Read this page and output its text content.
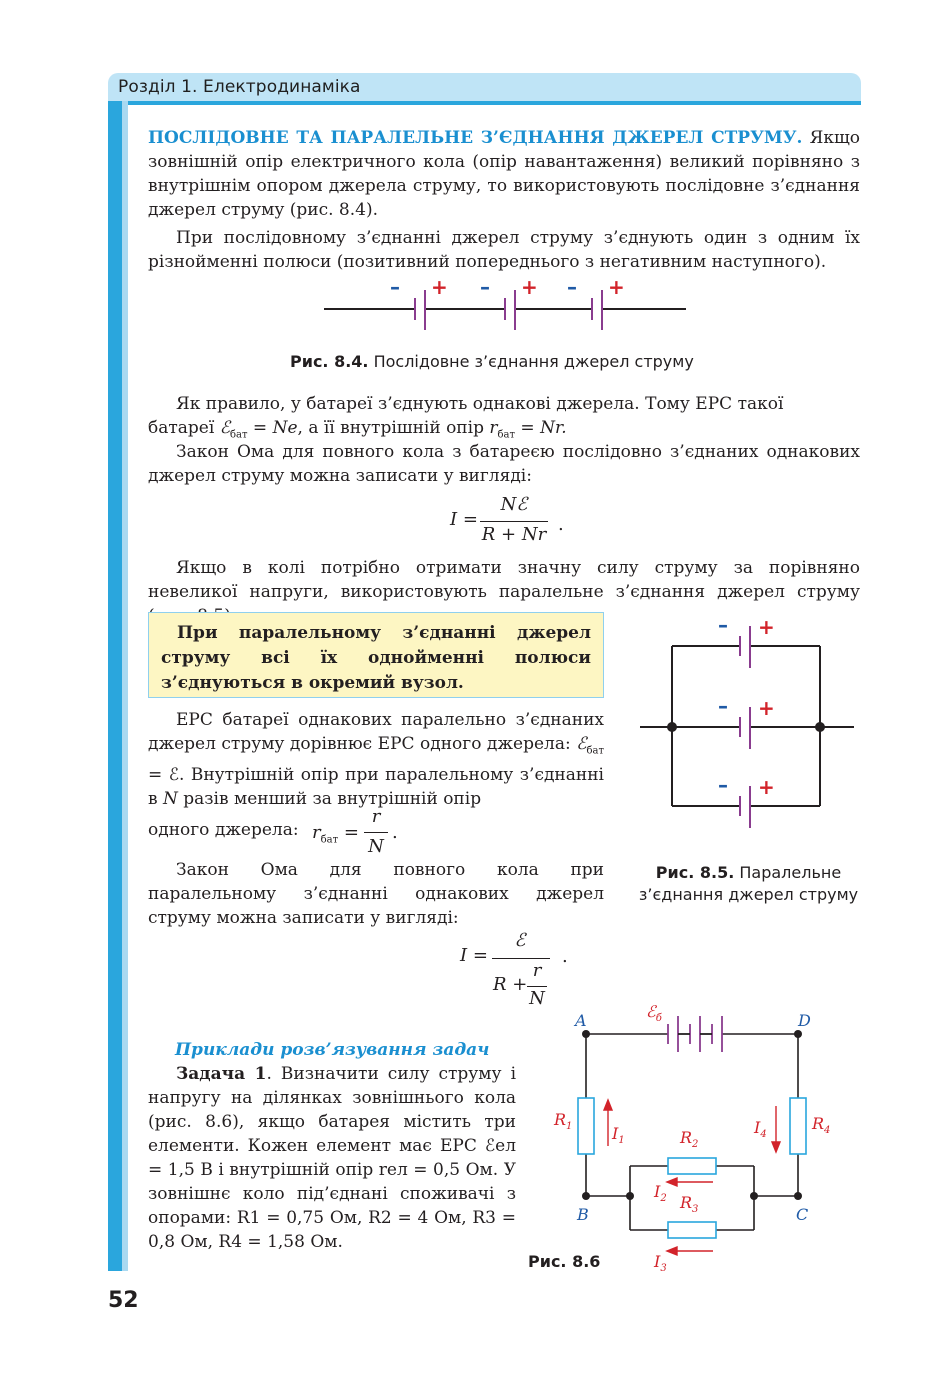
Розділ 1. Електродинаміка

ПОСЛІДОВНЕ ТА ПАРАЛЕЛЬНЕ З’ЄДНАННЯ ДЖЕРЕЛ СТРУМУ. Якщо зовнішній опір електричного кола (опір навантаження) великий порівняно з внутрішнім опором джерела струму, то використовують послідовне з’єднання джерел струму (рис. 8.4).

При послідовному з’єднанні джерел струму з’єднують один з одним їх різнойменні полюси (позитивний попереднього з негативним наступного).

– + – + – +
Рис. 8.4. Послідовне з’єднання джерел струму

Як правило, у батареї з’єднують однакові джерела. Тому ЕРС такої
батареї ℰ$_{бат}$ = Ne, а її внутрішній опір $r_{бат} = Nr$.

Закон Ома для повного кола з батареєю послідовно з’єднаних однакових джерел струму можна записати у вигляді:

I =
Nℰ
R + Nr .

Якщо в колі потрібно отримати значну силу струму за порівняно невеликої напруги, використовують паралельне з’єднання джерел струму

При паралельному з’єднанні джерел струму всі їх однойменні полюси з’єднуються в окремий вузол.

ЕРС батареї однакових паралельно з’єднаних джерел струму дорівнює ЕРС одного джерела: ℰ$_{бат}$ = ℰ. Внутрішній опір при паралельному з’єднанні в N разів менший за внутрішній опір

одного джерела: $r_{бат}$ =
r
N
.

Закон Ома для повного кола при паралельному з’єднанні однакових джерел струму можна записати у вигляді:

– +
– +
– +
Рис. 8.5. Паралельне
з’єднання джерел струму
I =
ℰ
R +
r
N
.
Приклади розв’язування задач

Задача 1. Визначити силу струму і напругу на ділянках зовнішнього кола (рис. 8.6), якщо батарея містить три елементи. Кожен елемент має ЕРС ℰел = 1,5 В і внутрішній опір rел = 0,5 Ом. У зовнішнє коло під’єднані споживачі з опорами: R1 = 0,75 Ом, R2 = 4 Ом, R3 = 0,8 Ом, R4 = 1,58 Ом.

A	D
B	C
ℰ$_б$
$R_1$ $I_1$	$R_2$
$I_4$
$R_4$
$I_2$ $R_3$
$I_3$
Рис. 8.6
52
